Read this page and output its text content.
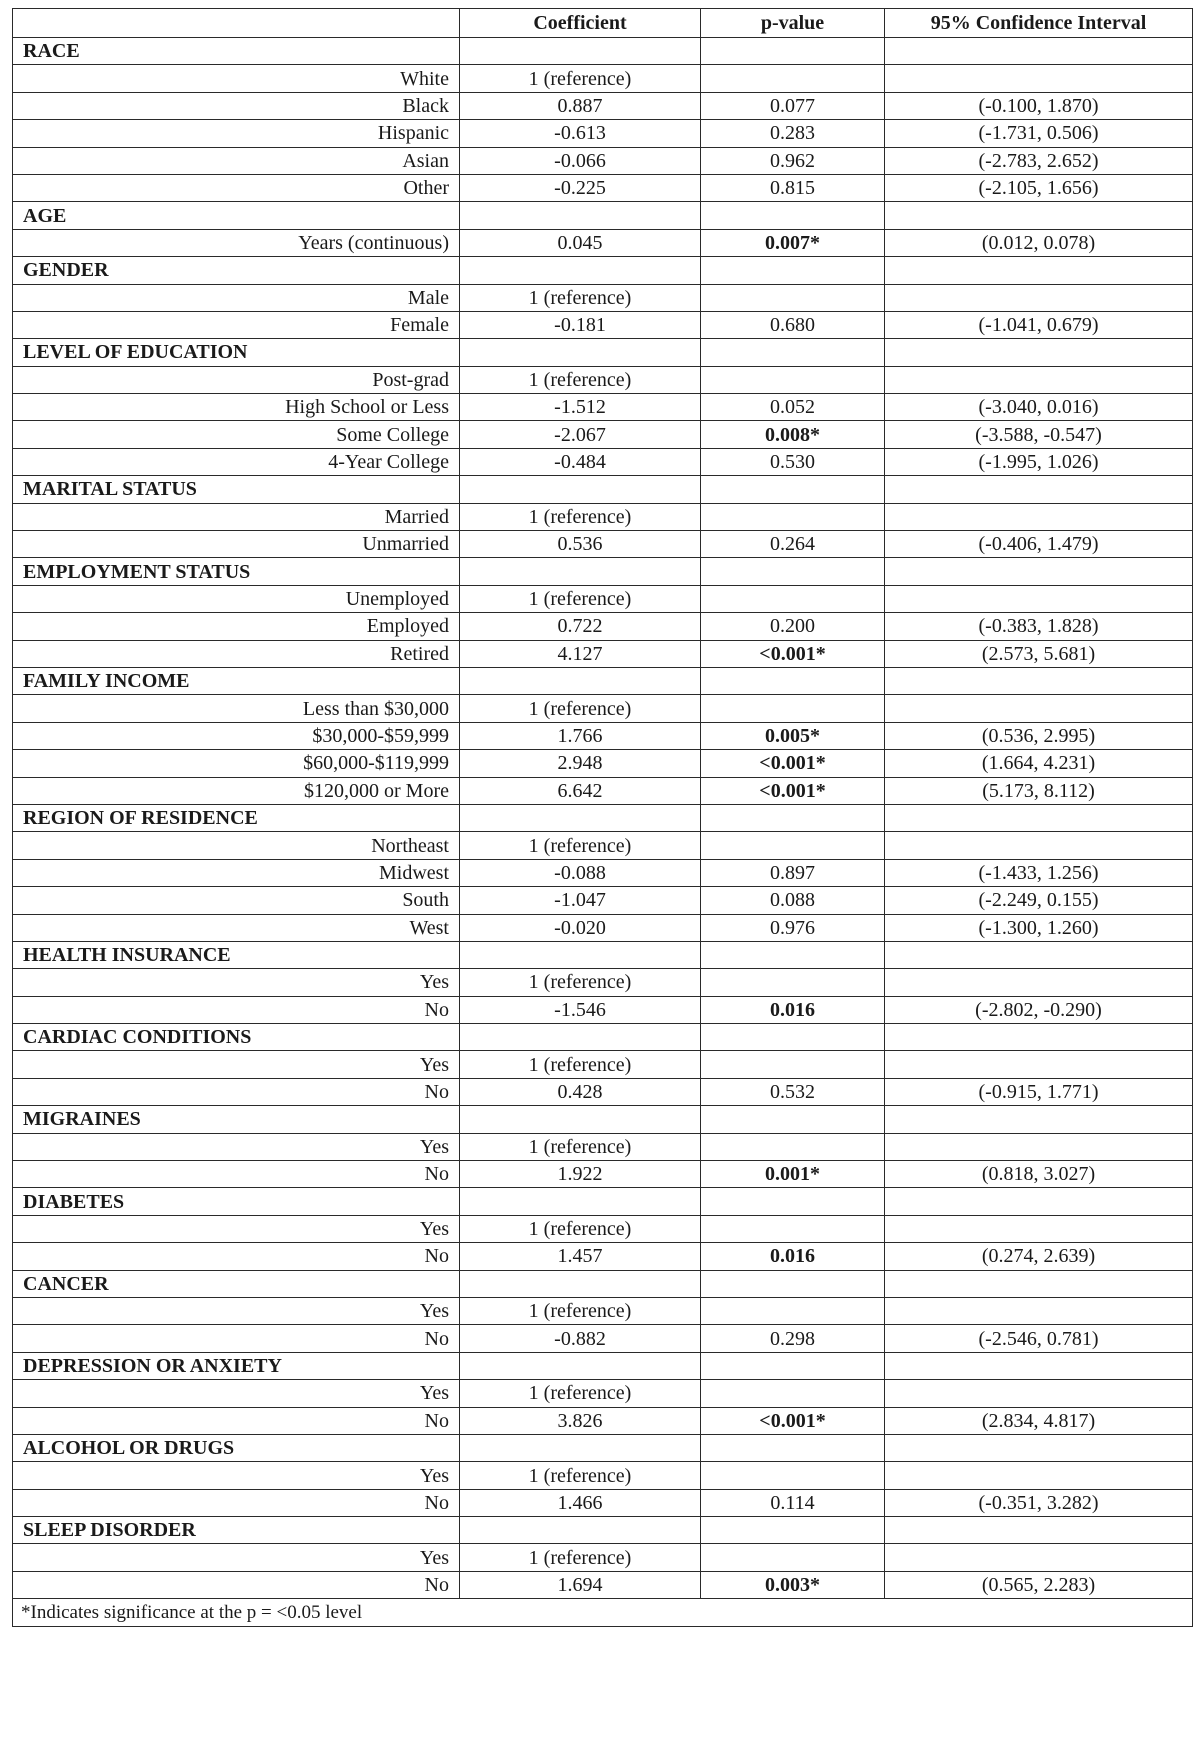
	Coefficient	p-value	95% Confidence Interval
RACE			
White	1 (reference)		
Black	0.887	0.077	(-0.100, 1.870)
Hispanic	-0.613	0.283	(-1.731, 0.506)
Asian	-0.066	0.962	(-2.783, 2.652)
Other	-0.225	0.815	(-2.105, 1.656)
AGE			
Years (continuous)	0.045	0.007*	(0.012, 0.078)
GENDER			
Male	1 (reference)		
Female	-0.181	0.680	(-1.041, 0.679)
LEVEL OF EDUCATION			
Post-grad	1 (reference)		
High School or Less	-1.512	0.052	(-3.040, 0.016)
Some College	-2.067	0.008*	(-3.588, -0.547)
4-Year College	-0.484	0.530	(-1.995, 1.026)
MARITAL STATUS			
Married	1 (reference)		
Unmarried	0.536	0.264	(-0.406, 1.479)
EMPLOYMENT STATUS			
Unemployed	1 (reference)		
Employed	0.722	0.200	(-0.383, 1.828)
Retired	4.127	<0.001*	(2.573, 5.681)
FAMILY INCOME			
Less than $30,000	1 (reference)		
$30,000-$59,999	1.766	0.005*	(0.536, 2.995)
$60,000-$119,999	2.948	<0.001*	(1.664, 4.231)
$120,000 or More	6.642	<0.001*	(5.173, 8.112)
REGION OF RESIDENCE			
Northeast	1 (reference)		
Midwest	-0.088	0.897	(-1.433, 1.256)
South	-1.047	0.088	(-2.249, 0.155)
West	-0.020	0.976	(-1.300, 1.260)
HEALTH INSURANCE			
Yes	1 (reference)		
No	-1.546	0.016	(-2.802, -0.290)
CARDIAC CONDITIONS			
Yes	1 (reference)		
No	0.428	0.532	(-0.915, 1.771)
MIGRAINES			
Yes	1 (reference)		
No	1.922	0.001*	(0.818, 3.027)
DIABETES			
Yes	1 (reference)		
No	1.457	0.016	(0.274, 2.639)
CANCER			
Yes	1 (reference)		
No	-0.882	0.298	(-2.546, 0.781)
DEPRESSION OR ANXIETY			
Yes	1 (reference)		
No	3.826	<0.001*	(2.834, 4.817)
ALCOHOL OR DRUGS			
Yes	1 (reference)		
No	1.466	0.114	(-0.351, 3.282)
SLEEP DISORDER			
Yes	1 (reference)		
No	1.694	0.003*	(0.565, 2.283)
*Indicates significance at the p = <0.05 level			
